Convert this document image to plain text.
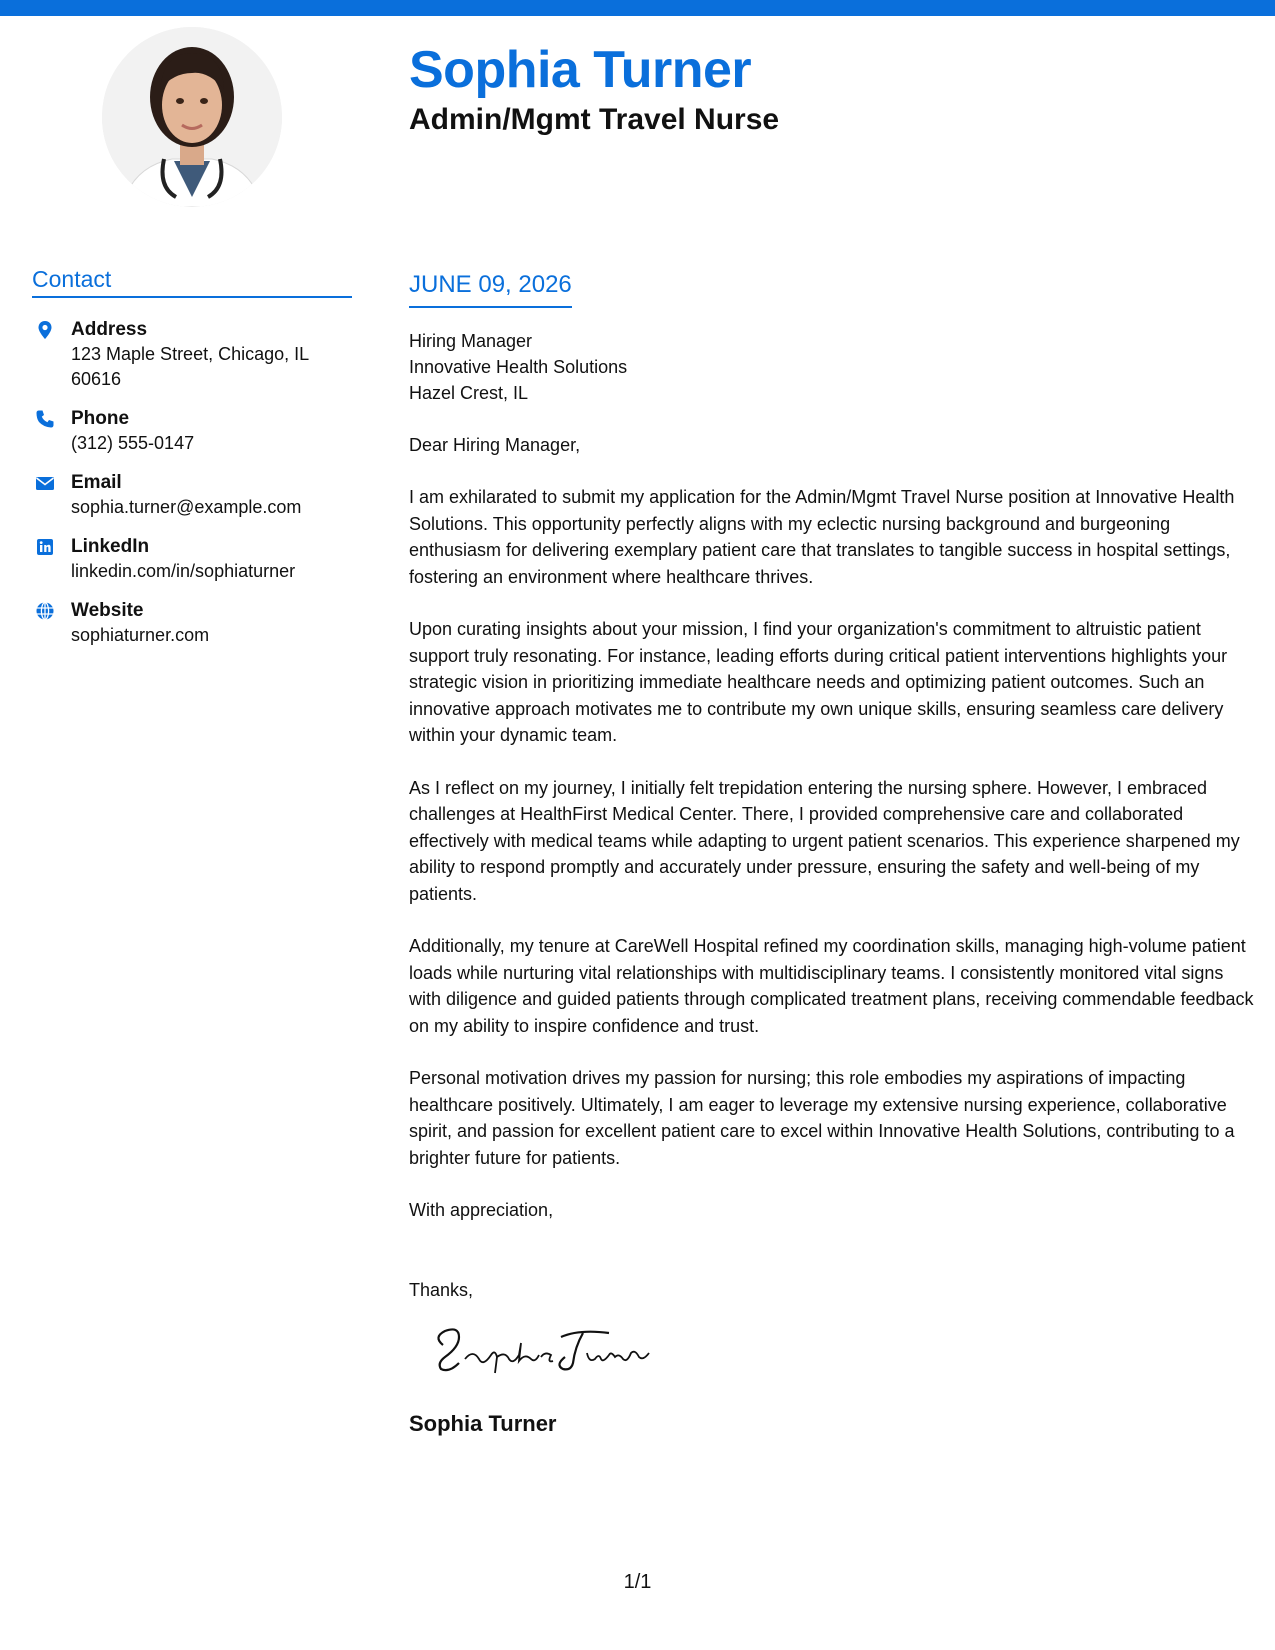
Sophia Turner
Admin/Mgmt Travel Nurse
Contact
Address
123 Maple Street, Chicago, IL 60616
Phone
(312) 555-0147
Email
sophia.turner@example.com
LinkedIn
linkedin.com/in/sophiaturner
Website
sophiaturner.com
JUNE 09, 2026
Hiring Manager
Innovative Health Solutions
Hazel Crest, IL

Dear Hiring Manager,

I am exhilarated to submit my application for the Admin/Mgmt Travel Nurse position at Innovative Health Solutions. This opportunity perfectly aligns with my eclectic nursing background and burgeoning enthusiasm for delivering exemplary patient care that translates to tangible success in hospital settings, fostering an environment where healthcare thrives.

Upon curating insights about your mission, I find your organization's commitment to altruistic patient support truly resonating. For instance, leading efforts during critical patient interventions highlights your strategic vision in prioritizing immediate healthcare needs and optimizing patient outcomes. Such an innovative approach motivates me to contribute my own unique skills, ensuring seamless care delivery within your dynamic team.

As I reflect on my journey, I initially felt trepidation entering the nursing sphere. However, I embraced challenges at HealthFirst Medical Center. There, I provided comprehensive care and collaborated effectively with medical teams while adapting to urgent patient scenarios. This experience sharpened my ability to respond promptly and accurately under pressure, ensuring the safety and well-being of my patients.

Additionally, my tenure at CareWell Hospital refined my coordination skills, managing high-volume patient loads while nurturing vital relationships with multidisciplinary teams. I consistently monitored vital signs with diligence and guided patients through complicated treatment plans, receiving commendable feedback on my ability to inspire confidence and trust.

Personal motivation drives my passion for nursing; this role embodies my aspirations of impacting healthcare positively. Ultimately, I am eager to leverage my extensive nursing experience, collaborative spirit, and passion for excellent patient care to excel within Innovative Health Solutions, contributing to a brighter future for patients.

With appreciation,

Thanks,

Sophia Turner

1/1
